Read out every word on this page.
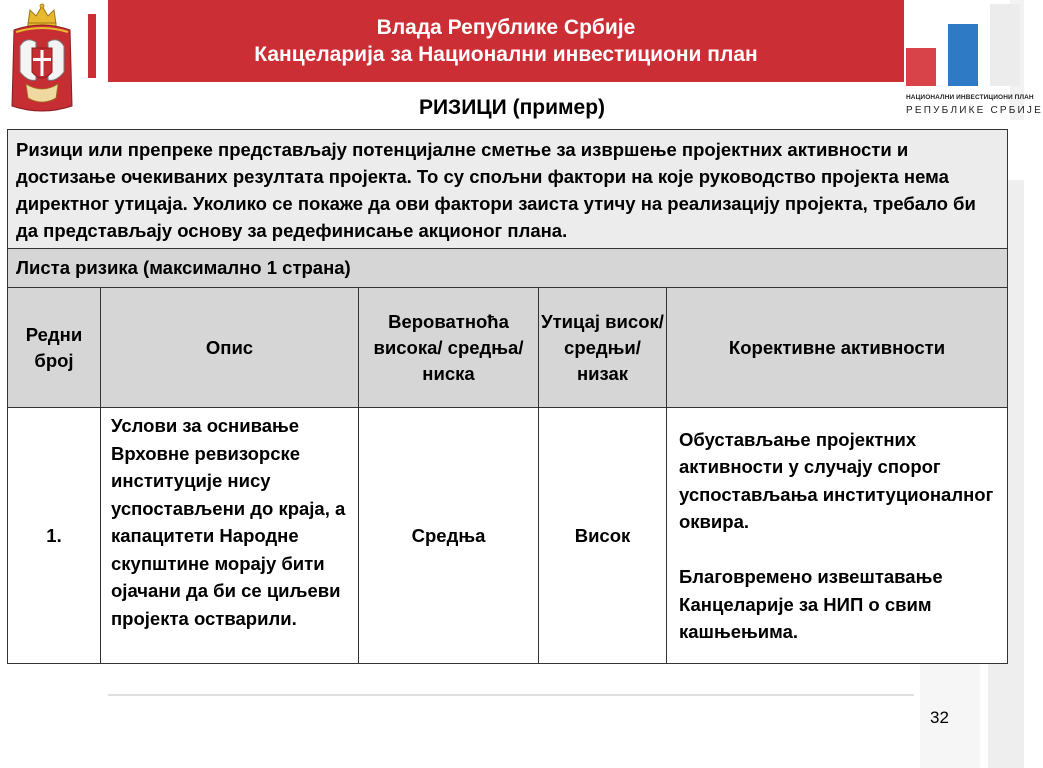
Влада Републике Србије
Канцеларија за Национални инвестициони план
НАЦИОНАЛНИ ИНВЕСТИЦИОНИ ПЛАН
РЕПУБЛИКЕ СРБИЈЕ
РИЗИЦИ (пример)
Ризици или препреке представљају потенцијалне сметње за извршење пројектних активности и достизање очекиваних резултата пројекта. То су спољни фактори на које руководство пројекта нема директног утицаја. Уколико се покаже да ови фактори заиста утичу на реализацију пројекта, требало би да представљају основу за редефинисање акционог плана.				
Листа ризика (максимално 1 страна)				
Редни број	Опис	Вероватноћа висока/ средња/ ниска	Утицај висок/ средњи/ низак	Корективне активности
1.	Услови за оснивање Врховне ревизорске институције нису успостављени до краја, а капацитети Народне скупштине морају бити ојачани да би се циљеви пројекта остварили.	Средња	Висок	Обустављање пројектних активности у случају спорог успостављања институционалног оквира.
Благовремено извештавање Канцеларије за НИП о свим кашњењима.
32
